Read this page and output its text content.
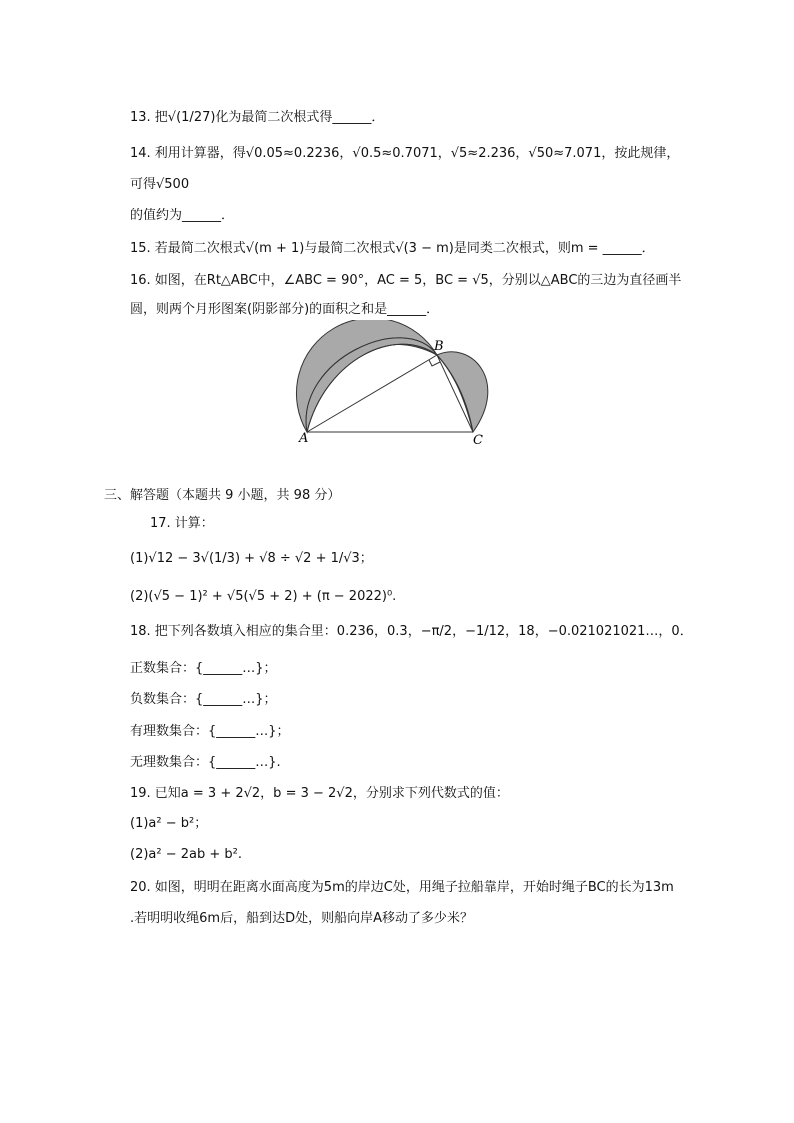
13. 把√(1/27)化为最简二次根式得______．
14. 利用计算器，得√0.05≈0.2236，√0.5≈0.7071，√5≈2.236，√50≈7.071，按此规律，
可得√500
的值约为______．
15. 若最简二次根式√(m + 1)与最简二次根式√(3 − m)是同类二次根式，则m = ______．
16. 如图，在Rt△ABC中，∠ABC = 90°，AC = 5，BC = √5，分别以△ABC的三边为直径画半
圆，则两个月形图案(阴影部分)的面积之和是______．
A
B
C
三、解答题（本题共 9 小题，共 98 分）
17. 计算：
(1)√12 − 3√(1/3) + √8 ÷ √2 + 1/√3；
(2)(√5 − 1)² + √5(√5 + 2) + (π − 2022)⁰.
18. 把下列各数填入相应的集合里：0.236，0.3，−π/2，−1/12，18，−0.021021021…，0．
正数集合：{______…}；
负数集合：{______…}；
有理数集合：{______…}；
无理数集合：{______…}.
19. 已知a = 3 + 2√2，b = 3 − 2√2，分别求下列代数式的值：
(1)a² − b²；
(2)a² − 2ab + b².
20. 如图，明明在距离水面高度为5m的岸边C处，用绳子拉船靠岸，开始时绳子BC的长为13m
.若明明收绳6m后，船到达D处，则船向岸A移动了多少米？
